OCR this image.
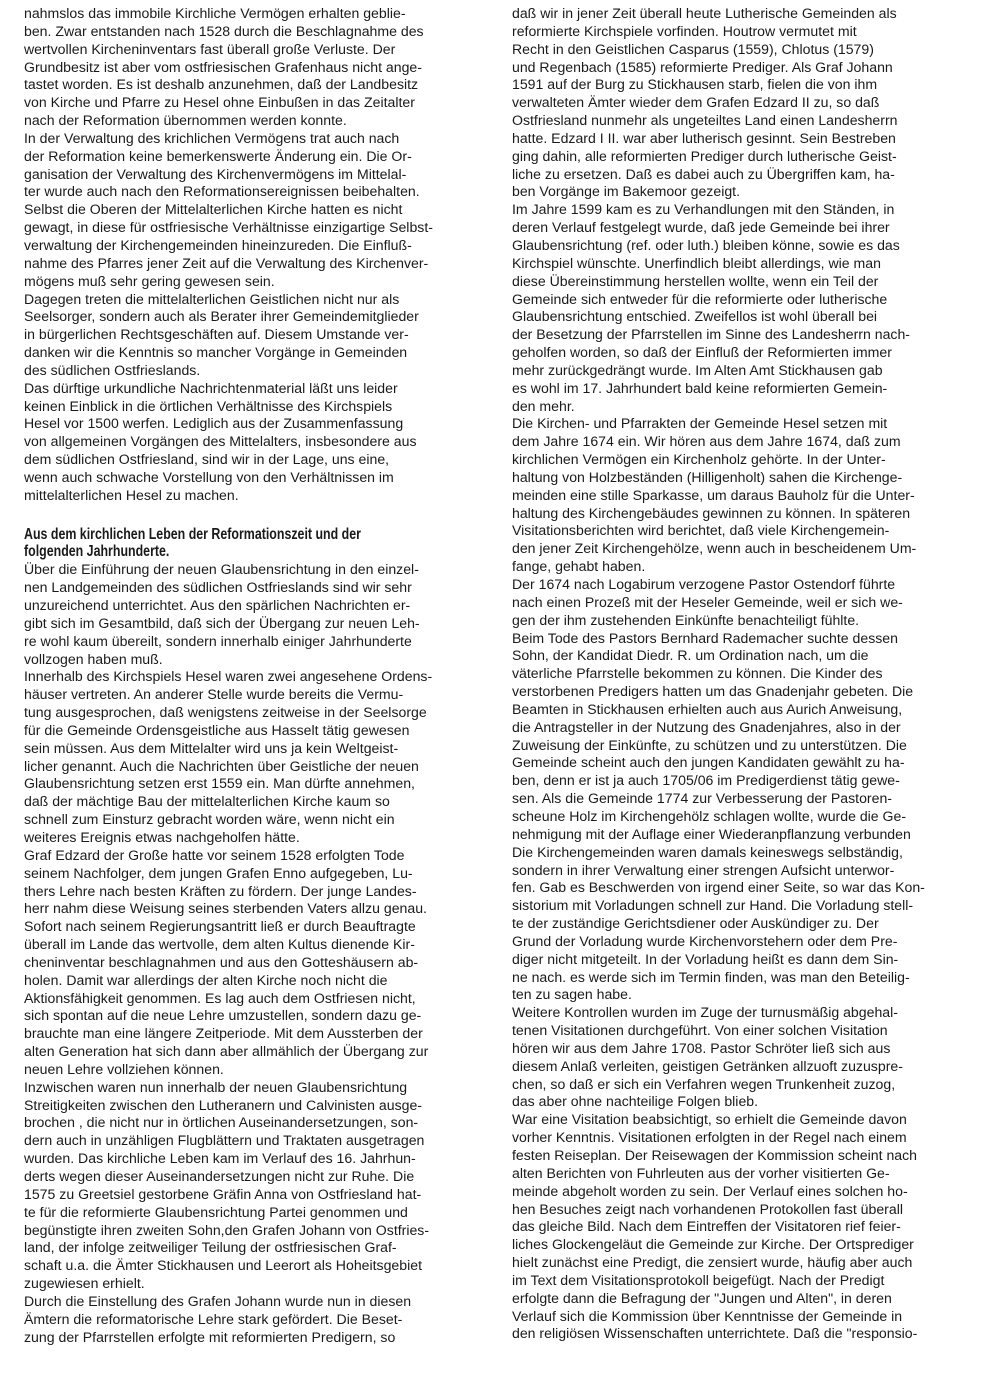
nahmslos das immobile Kirchliche Vermögen erhalten geblie-
ben. Zwar entstanden nach 1528 durch die Beschlagnahme des
wertvollen Kircheninventars fast überall große Verluste. Der
Grundbesitz ist aber vom ostfriesischen Grafenhaus nicht ange-
tastet worden. Es ist deshalb anzunehmen, daß der Landbesitz
von Kirche und Pfarre zu Hesel ohne Einbußen in das Zeitalter
nach der Reformation übernommen werden konnte.
In der Verwaltung des krichlichen Vermögens trat auch nach
der Reformation keine bemerkenswerte Änderung ein. Die Or-
ganisation der Verwaltung des Kirchenvermögens im Mittelal-
ter wurde auch nach den Reformationsereignissen beibehalten.
Selbst die Oberen der Mittelalterlichen Kirche hatten es nicht
gewagt, in diese für ostfriesische Verhältnisse einzigartige Selbst-
verwaltung der Kirchengemeinden hineinzureden. Die Einfluß-
nahme des Pfarres jener Zeit auf die Verwaltung des Kirchenver-
mögens muß sehr gering gewesen sein.
Dagegen treten die mittelalterlichen Geistlichen nicht nur als
Seelsorger, sondern auch als Berater ihrer Gemeindemitglieder
in bürgerlichen Rechtsgeschäften auf. Diesem Umstande ver-
danken wir die Kenntnis so mancher Vorgänge in Gemeinden
des südlichen Ostfrieslands.
Das dürftige urkundliche Nachrichtenmaterial läßt uns leider
keinen Einblick in die örtlichen Verhältnisse des Kirchspiels
Hesel vor 1500 werfen. Lediglich aus der Zusammenfassung
von allgemeinen Vorgängen des Mittelalters, insbesondere aus
dem südlichen Ostfriesland, sind wir in der Lage, uns eine,
wenn auch schwache Vorstellung von den Verhältnissen im
mittelalterlichen Hesel zu machen.
Aus dem kirchlichen Leben der Reformationszeit und der
folgenden Jahrhunderte.
Über die Einführung der neuen Glaubensrichtung in den einzel-
nen Landgemeinden des südlichen Ostfrieslands sind wir sehr
unzureichend unterrichtet. Aus den spärlichen Nachrichten er-
gibt sich im Gesamtbild, daß sich der Übergang zur neuen Leh-
re wohl kaum übereilt, sondern innerhalb einiger Jahrhunderte
vollzogen haben muß.
Innerhalb des Kirchspiels Hesel waren zwei angesehene Ordens-
häuser vertreten. An anderer Stelle wurde bereits die Vermu-
tung ausgesprochen, daß wenigstens zeitweise in der Seelsorge
für die Gemeinde Ordensgeistliche aus Hasselt tätig gewesen
sein müssen. Aus dem Mittelalter wird uns ja kein Weltgeist-
licher genannt. Auch die Nachrichten über Geistliche der neuen
Glaubensrichtung setzen erst 1559 ein. Man dürfte annehmen,
daß der mächtige Bau der mittelalterlichen Kirche kaum so
schnell zum Einsturz gebracht worden wäre, wenn nicht ein
weiteres Ereignis etwas nachgeholfen hätte.
Graf Edzard der Große hatte vor seinem 1528 erfolgten Tode
seinem Nachfolger, dem jungen Grafen Enno aufgegeben, Lu-
thers Lehre nach besten Kräften zu fördern. Der junge Landes-
herr nahm diese Weisung seines sterbenden Vaters allzu genau.
Sofort nach seinem Regierungsantritt ließ er durch Beauftragte
überall im Lande das wertvolle, dem alten Kultus dienende Kir-
cheninventar beschlagnahmen und aus den Gotteshäusern ab-
holen. Damit war allerdings der alten Kirche noch nicht die
Aktionsfähigkeit genommen. Es lag auch dem Ostfriesen nicht,
sich spontan auf die neue Lehre umzustellen, sondern dazu ge-
brauchte man eine längere Zeitperiode. Mit dem Aussterben der
alten Generation hat sich dann aber allmählich der Übergang zur
neuen Lehre vollziehen können.
Inzwischen waren nun innerhalb der neuen Glaubensrichtung
Streitigkeiten zwischen den Lutheranern und Calvinisten ausge-
brochen , die nicht nur in örtlichen Auseinandersetzungen, son-
dern auch in unzähligen Flugblättern und Traktaten ausgetragen
wurden. Das kirchliche Leben kam im Verlauf des 16. Jahrhun-
derts wegen dieser Auseinandersetzungen nicht zur Ruhe. Die
1575 zu Greetsiel gestorbene Gräfin Anna von Ostfriesland hat-
te für die reformierte Glaubensrichtung Partei genommen und
begünstigte ihren zweiten Sohn,den Grafen Johann von Ostfries-
land, der infolge zeitweiliger Teilung der ostfriesischen Graf-
schaft u.a. die Ämter Stickhausen und Leerort als Hoheitsgebiet
zugewiesen erhielt.
Durch die Einstellung des Grafen Johann wurde nun in diesen
Ämtern die reformatorische Lehre stark gefördert. Die Beset-
zung der Pfarrstellen erfolgte mit reformierten Predigern, so
daß wir in jener Zeit überall heute Lutherische Gemeinden als
reformierte Kirchspiele vorfinden. Houtrow vermutet mit
Recht in den Geistlichen Casparus (1559), Chlotus (1579)
und Regenbach (1585) reformierte Prediger. Als Graf Johann
1591 auf der Burg zu Stickhausen starb, fielen die von ihm
verwalteten Ämter wieder dem Grafen Edzard II zu, so daß
Ostfriesland nunmehr als ungeteiltes Land einen Landesherrn
hatte. Edzard I II. war aber lutherisch gesinnt. Sein Bestreben
ging dahin, alle reformierten Prediger durch lutherische Geist-
liche zu ersetzen. Daß es dabei auch zu Übergriffen kam, ha-
ben Vorgänge im Bakemoor gezeigt.
Im Jahre 1599 kam es zu Verhandlungen mit den Ständen, in
deren Verlauf festgelegt wurde, daß jede Gemeinde bei ihrer
Glaubensrichtung (ref. oder luth.) bleiben könne, sowie es das
Kirchspiel wünschte. Unerfindlich bleibt allerdings, wie man
diese Übereinstimmung herstellen wollte, wenn ein Teil der
Gemeinde sich entweder für die reformierte oder lutherische
Glaubensrichtung entschied. Zweifellos ist wohl überall bei
der Besetzung der Pfarrstellen im Sinne des Landesherrn nach-
geholfen worden, so daß der Einfluß der Reformierten immer
mehr zurückgedrängt wurde. Im Alten Amt Stickhausen gab
es wohl im 17. Jahrhundert bald keine reformierten Gemein-
den mehr.
Die Kirchen- und Pfarrakten der Gemeinde Hesel setzen mit
dem Jahre 1674 ein. Wir hören aus dem Jahre 1674, daß zum
kirchlichen Vermögen ein Kirchenholz gehörte. In der Unter-
haltung von Holzbeständen (Hilligenholt) sahen die Kirchenge-
meinden eine stille Sparkasse, um daraus Bauholz für die Unter-
haltung des Kirchengebäudes gewinnen zu können. In späteren
Visitationsberichten wird berichtet, daß viele Kirchengemein-
den jener Zeit Kirchengehölze, wenn auch in bescheidenem Um-
fange, gehabt haben.
Der 1674 nach Logabirum verzogene Pastor Ostendorf führte
nach einen Prozeß mit der Heseler Gemeinde, weil er sich we-
gen der ihm zustehenden Einkünfte benachteiligt fühlte.
Beim Tode des Pastors Bernhard Rademacher suchte dessen
Sohn, der Kandidat Diedr. R. um Ordination nach, um die
väterliche Pfarrstelle bekommen zu können. Die Kinder des
verstorbenen Predigers hatten um das Gnadenjahr gebeten. Die
Beamten in Stickhausen erhielten auch aus Aurich Anweisung,
die Antragsteller in der Nutzung des Gnadenjahres, also in der
Zuweisung der Einkünfte, zu schützen und zu unterstützen. Die
Gemeinde scheint auch den jungen Kandidaten gewählt zu ha-
ben, denn er ist ja auch 1705/06 im Predigerdienst tätig gewe-
sen. Als die Gemeinde 1774 zur Verbesserung der Pastoren-
scheune Holz im Kirchengehölz schlagen wollte, wurde die Ge-
nehmigung mit der Auflage einer Wiederanpflanzung verbunden
Die Kirchengemeinden waren damals keineswegs selbständig,
sondern in ihrer Verwaltung einer strengen Aufsicht unterwor-
fen. Gab es Beschwerden von irgend einer Seite, so war das Kon-
sistorium mit Vorladungen schnell zur Hand. Die Vorladung stell-
te der zuständige Gerichtsdiener oder Auskündiger zu. Der
Grund der Vorladung wurde Kirchenvorstehern oder dem Pre-
diger nicht mitgeteilt. In der Vorladung heißt es dann dem Sin-
ne nach. es werde sich im Termin finden, was man den Beteilig-
ten zu sagen habe.
Weitere Kontrollen wurden im Zuge der turnusmäßig abgehal-
tenen Visitationen durchgeführt. Von einer solchen Visitation
hören wir aus dem Jahre 1708. Pastor Schröter ließ sich aus
diesem Anlaß verleiten, geistigen Getränken allzuoft zuzuspre-
chen, so daß er sich ein Verfahren wegen Trunkenheit zuzog,
das aber ohne nachteilige Folgen blieb.
War eine Visitation beabsichtigt, so erhielt die Gemeinde davon
vorher Kenntnis. Visitationen erfolgten in der Regel nach einem
festen Reiseplan. Der Reisewagen der Kommission scheint nach
alten Berichten von Fuhrleuten aus der vorher visitierten Ge-
meinde abgeholt worden zu sein. Der Verlauf eines solchen ho-
hen Besuches zeigt nach vorhandenen Protokollen fast überall
das gleiche Bild. Nach dem Eintreffen der Visitatoren rief feier-
liches Glockengeläut die Gemeinde zur Kirche. Der Ortsprediger
hielt zunächst eine Predigt, die zensiert wurde, häufig aber auch
im Text dem Visitationsprotokoll beigefügt. Nach der Predigt
erfolgte dann die Befragung der "Jungen und Alten", in deren
Verlauf sich die Kommission über Kenntnisse der Gemeinde in
den religiösen Wissenschaften unterrichtete. Daß die "responsio-
